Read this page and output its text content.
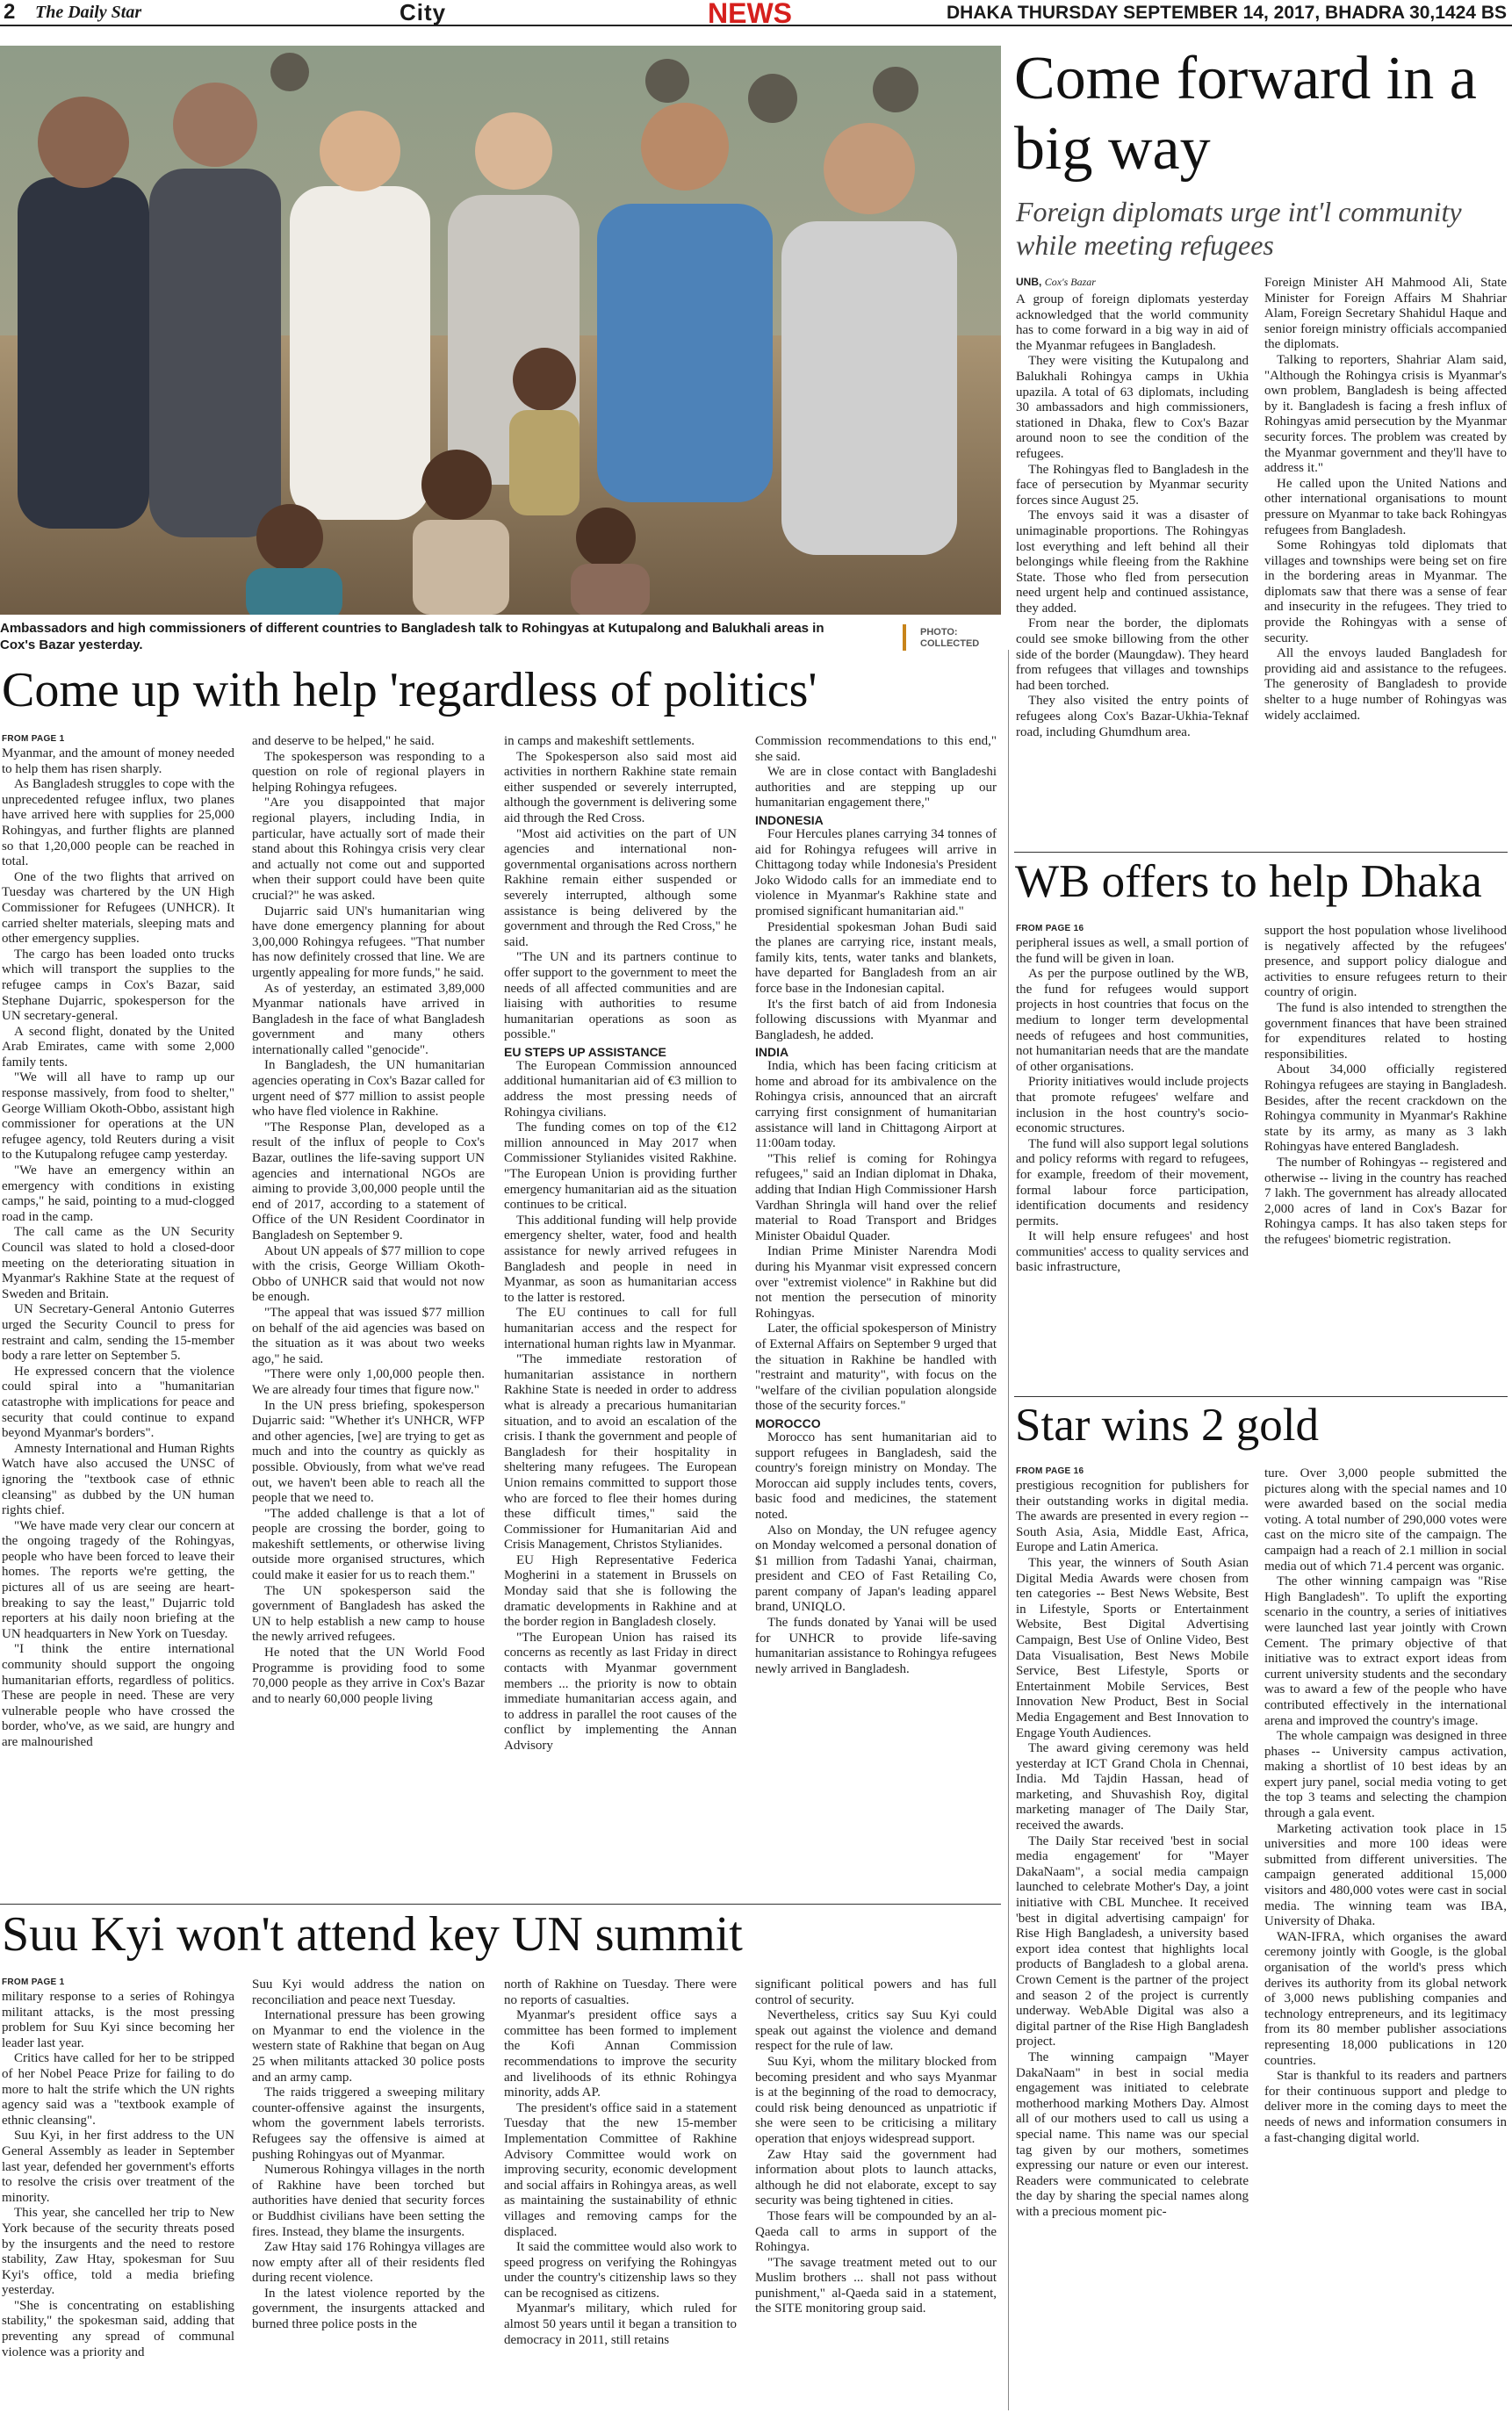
2 The Daily Star	City	NEWS	DHAKA THURSDAY SEPTEMBER 14, 2017, BHADRA 30,1424 BS
Ambassadors and high commissioners of different countries to Bangladesh talk to Rohingyas at Kutupalong and Balukhali areas in Cox's Bazar yesterday.
PHOTO: COLLECTED
Come forward in a big way
Foreign diplomats urge int'l community while meeting refugees

UNB, Cox's Bazar

A group of foreign diplomats yesterday acknowledged that the world community has to come forward in a big way in aid of the Myanmar refugees in Bangladesh.

They were visiting the Kutupalong and Balukhali Rohingya camps in Ukhia upazila. A total of 63 diplomats, including 30 ambassadors and high commissioners, stationed in Dhaka, flew to Cox's Bazar around noon to see the condition of the refugees.

The Rohingyas fled to Bangladesh in the face of persecution by Myanmar security forces since August 25.

The envoys said it was a disaster of unimaginable proportions. The Rohingyas lost everything and left behind all their belongings while fleeing from the Rakhine State. Those who fled from persecution need urgent help and continued assistance, they added.

From near the border, the diplomats could see smoke billowing from the other side of the border (Maungdaw). They heard from refugees that villages and townships had been torched.

They also visited the entry points of refugees along Cox's Bazar-Ukhia-Teknaf road, including Ghumdhum area.

Foreign Minister AH Mahmood Ali, State Minister for Foreign Affairs M Shahriar Alam, Foreign Secretary Shahidul Haque and senior foreign ministry officials accompanied the diplomats.

Talking to reporters, Shahriar Alam said, "Although the Rohingya crisis is Myanmar's own problem, Bangladesh is being affected by it. Bangladesh is facing a fresh influx of Rohingyas amid persecution by the Myanmar security forces. The problem was created by the Myanmar government and they'll have to address it."

He called upon the United Nations and other international organisations to mount pressure on Myanmar to take back Rohingyas refugees from Bangladesh.

Some Rohingyas told diplomats that villages and townships were being set on fire in the bordering areas in Myanmar. The diplomats saw that there was a sense of fear and insecurity in the refugees. They tried to provide the Rohingyas with a sense of security.

All the envoys lauded Bangladesh for providing aid and assistance to the refugees. The generosity of Bangladesh to provide shelter to a huge number of Rohingyas was widely acclaimed.

Come up with help 'regardless of politics'

FROM PAGE 1

Myanmar, and the amount of money needed to help them has risen sharply.

As Bangladesh struggles to cope with the unprecedented refugee influx, two planes have arrived here with supplies for 25,000 Rohingyas, and further flights are planned so that 1,20,000 people can be reached in total.

One of the two flights that arrived on Tuesday was chartered by the UN High Commissioner for Refugees (UNHCR). It carried shelter materials, sleeping mats and other emergency supplies.

The cargo has been loaded onto trucks which will transport the supplies to the refugee camps in Cox's Bazar, said Stephane Dujarric, spokesperson for the UN secretary-general.

A second flight, donated by the United Arab Emirates, came with some 2,000 family tents.

"We will all have to ramp up our response massively, from food to shelter," George William Okoth-Obbo, assistant high commissioner for operations at the UN refugee agency, told Reuters during a visit to the Kutupalong refugee camp yesterday.

"We have an emergency within an emergency with conditions in existing camps," he said, pointing to a mud-clogged road in the camp.

The call came as the UN Security Council was slated to hold a closed-door meeting on the deteriorating situation in Myanmar's Rakhine State at the request of Sweden and Britain.

UN Secretary-General Antonio Guterres urged the Security Council to press for restraint and calm, sending the 15-member body a rare letter on September 5.

He expressed concern that the violence could spiral into a "humanitarian catastrophe with implications for peace and security that could continue to expand beyond Myanmar's borders".

Amnesty International and Human Rights Watch have also accused the UNSC of ignoring the "textbook case of ethnic cleansing" as dubbed by the UN human rights chief.

"We have made very clear our concern at the ongoing tragedy of the Rohingyas, people who have been forced to leave their homes. The reports we're getting, the pictures all of us are seeing are heart-breaking to say the least," Dujarric told reporters at his daily noon briefing at the UN headquarters in New York on Tuesday.

"I think the entire international community should support the ongoing humanitarian efforts, regardless of politics. These are people in need. These are very vulnerable people who have crossed the border, who've, as we said, are hungry and are malnourished

and deserve to be helped," he said.

The spokesperson was responding to a question on role of regional players in helping Rohingya refugees.

"Are you disappointed that major regional players, including India, in particular, have actually sort of made their stand about this Rohingya crisis very clear and actually not come out and supported when their support could have been quite crucial?" he was asked.

Dujarric said UN's humanitarian wing have done emergency planning for about 3,00,000 Rohingya refugees. "That number has now definitely crossed that line. We are urgently appealing for more funds," he said.

As of yesterday, an estimated 3,89,000 Myanmar nationals have arrived in Bangladesh in the face of what Bangladesh government and many others internationally called "genocide".

In Bangladesh, the UN humanitarian agencies operating in Cox's Bazar called for urgent need of $77 million to assist people who have fled violence in Rakhine.

"The Response Plan, developed as a result of the influx of people to Cox's Bazar, outlines the life-saving support UN agencies and international NGOs are aiming to provide 3,00,000 people until the end of 2017, according to a statement of Office of the UN Resident Coordinator in Bangladesh on September 9.

About UN appeals of $77 million to cope with the crisis, George William Okoth-Obbo of UNHCR said that would not now be enough.

"The appeal that was issued $77 million on behalf of the aid agencies was based on the situation as it was about two weeks ago," he said.

"There were only 1,00,000 people then. We are already four times that figure now."

In the UN press briefing, spokesperson Dujarric said: "Whether it's UNHCR, WFP and other agencies, [we] are trying to get as much and into the country as quickly as possible. Obviously, from what we've read out, we haven't been able to reach all the people that we need to.

"The added challenge is that a lot of people are crossing the border, going to makeshift settlements, or otherwise living outside more organised structures, which could make it easier for us to reach them."

The UN spokesperson said the government of Bangladesh has asked the UN to help establish a new camp to house the newly arrived refugees.

He noted that the UN World Food Programme is providing food to some 70,000 people as they arrive in Cox's Bazar and to nearly 60,000 people living

in camps and makeshift settlements.

The Spokesperson also said most aid activities in northern Rakhine state remain either suspended or severely interrupted, although the government is delivering some aid through the Red Cross.

"Most aid activities on the part of UN agencies and international non-governmental organisations across northern Rakhine remain either suspended or severely interrupted, although some assistance is being delivered by the government and through the Red Cross," he said.

"The UN and its partners continue to offer support to the government to meet the needs of all affected communities and are liaising with authorities to resume humanitarian operations as soon as possible."

EU STEPS UP ASSISTANCE

The European Commission announced additional humanitarian aid of €3 million to address the most pressing needs of Rohingya civilians.

The funding comes on top of the €12 million announced in May 2017 when Commissioner Stylianides visited Rakhine. "The European Union is providing further emergency humanitarian aid as the situation continues to be critical.

This additional funding will help provide emergency shelter, water, food and health assistance for newly arrived refugees in Bangladesh and people in need in Myanmar, as soon as humanitarian access to the latter is restored.

The EU continues to call for full humanitarian access and the respect for international human rights law in Myanmar.

"The immediate restoration of humanitarian assistance in northern Rakhine State is needed in order to address what is already a precarious humanitarian situation, and to avoid an escalation of the crisis. I thank the government and people of Bangladesh for their hospitality in sheltering many refugees. The European Union remains committed to support those who are forced to flee their homes during these difficult times," said the Commissioner for Humanitarian Aid and Crisis Management, Christos Stylianides.

EU High Representative Federica Mogherini in a statement in Brussels on Monday said that she is following the dramatic developments in Rakhine and at the border region in Bangladesh closely.

"The European Union has raised its concerns as recently as last Friday in direct contacts with Myanmar government members ... the priority is now to obtain immediate humanitarian access again, and to address in parallel the root causes of the conflict by implementing the Annan Advisory

Commission recommendations to this end," she said.

We are in close contact with Bangladeshi authorities and are stepping up our humanitarian engagement there,"

INDONESIA

Four Hercules planes carrying 34 tonnes of aid for Rohingya refugees will arrive in Chittagong today while Indonesia's President Joko Widodo calls for an immediate end to violence in Myanmar's Rakhine state and promised significant humanitarian aid."

Presidential spokesman Johan Budi said the planes are carrying rice, instant meals, family kits, tents, water tanks and blankets, have departed for Bangladesh from an air force base in the Indonesian capital.

It's the first batch of aid from Indonesia following discussions with Myanmar and Bangladesh, he added.

INDIA

India, which has been facing criticism at home and abroad for its ambivalence on the Rohingya crisis, announced that an aircraft carrying first consignment of humanitarian assistance will land in Chittagong Airport at 11:00am today.

"This relief is coming for Rohingya refugees," said an Indian diplomat in Dhaka, adding that Indian High Commissioner Harsh Vardhan Shringla will hand over the relief material to Road Transport and Bridges Minister Obaidul Quader.

Indian Prime Minister Narendra Modi during his Myanmar visit expressed concern over "extremist violence" in Rakhine but did not mention the persecution of minority Rohingyas.

Later, the official spokesperson of Ministry of External Affairs on September 9 urged that the situation in Rakhine be handled with "restraint and maturity", with focus on the "welfare of the civilian population alongside those of the security forces."

MOROCCO

Morocco has sent humanitarian aid to support refugees in Bangladesh, said the country's foreign ministry on Monday. The Moroccan aid supply includes tents, covers, basic food and medicines, the statement noted.

Also on Monday, the UN refugee agency on Monday welcomed a personal donation of $1 million from Tadashi Yanai, chairman, president and CEO of Fast Retailing Co, parent company of Japan's leading apparel brand, UNIQLO.

The funds donated by Yanai will be used for UNHCR to provide life-saving humanitarian assistance to Rohingya refugees newly arrived in Bangladesh.

WB offers to help Dhaka

FROM PAGE 16

peripheral issues as well, a small portion of the fund will be given in loan.

As per the purpose outlined by the WB, the fund for refugees would support projects in host countries that focus on the medium to longer term developmental needs of refugees and host communities, not humanitarian needs that are the mandate of other organisations.

Priority initiatives would include projects that promote refugees' welfare and inclusion in the host country's socio-economic structures.

The fund will also support legal solutions and policy reforms with regard to refugees, for example, freedom of their movement, formal labour force participation, identification documents and residency permits.

It will help ensure refugees' and host communities' access to quality services and basic infrastructure,

support the host population whose livelihood is negatively affected by the refugees' presence, and support policy dialogue and activities to ensure refugees return to their country of origin.

The fund is also intended to strengthen the government finances that have been strained for expenditures related to hosting responsibilities.

About 34,000 officially registered Rohingya refugees are staying in Bangladesh. Besides, after the recent crackdown on the Rohingya community in Myanmar's Rakhine state by its army, as many as 3 lakh Rohingyas have entered Bangladesh.

The number of Rohingyas -- registered and otherwise -- living in the country has reached 7 lakh. The government has already allocated 2,000 acres of land in Cox's Bazar for Rohingya camps. It has also taken steps for the refugees' biometric registration.

Star wins 2 gold

FROM PAGE 16

prestigious recognition for publishers for their outstanding works in digital media. The awards are presented in every region -- South Asia, Asia, Middle East, Africa, Europe and Latin America.

This year, the winners of South Asian Digital Media Awards were chosen from ten categories -- Best News Website, Best in Lifestyle, Sports or Entertainment Website, Best Digital Advertising Campaign, Best Use of Online Video, Best Data Visualisation, Best News Mobile Service, Best Lifestyle, Sports or Entertainment Mobile Services, Best Innovation New Product, Best in Social Media Engagement and Best Innovation to Engage Youth Audiences.

The award giving ceremony was held yesterday at ICT Grand Chola in Chennai, India. Md Tajdin Hassan, head of marketing, and Shuvashish Roy, digital marketing manager of The Daily Star, received the awards.

The Daily Star received 'best in social media engagement' for "Mayer DakaNaam", a social media campaign launched to celebrate Mother's Day, a joint initiative with CBL Munchee. It received 'best in digital advertising campaign' for Rise High Bangladesh, a university based export idea contest that highlights local products of Bangladesh to a global arena. Crown Cement is the partner of the project and season 2 of the project is currently underway. WebAble Digital was also a digital partner of the Rise High Bangladesh project.

The winning campaign "Mayer DakaNaam" in best in social media engagement was initiated to celebrate motherhood marking Mothers Day. Almost all of our mothers used to call us using a special name. This name was our special tag given by our mothers, sometimes expressing our nature or even our interest. Readers were communicated to celebrate the day by sharing the special names along with a precious moment pic-

ture. Over 3,000 people submitted the pictures along with the special names and 10 were awarded based on the social media voting. A total number of 290,000 votes were cast on the micro site of the campaign. The campaign had a reach of 2.1 million in social media out of which 71.4 percent was organic.

The other winning campaign was "Rise High Bangladesh". To uplift the exporting scenario in the country, a series of initiatives were launched last year jointly with Crown Cement. The primary objective of that initiative was to extract export ideas from current university students and the secondary was to award a few of the people who have contributed effectively in the international arena and improved the country's image.

The whole campaign was designed in three phases -- University campus activation, making a shortlist of 10 best ideas by an expert jury panel, social media voting to get the top 3 teams and selecting the champion through a gala event.

Marketing activation took place in 15 universities and more 100 ideas were submitted from different universities. The campaign generated additional 15,000 visitors and 480,000 votes were cast in social media. The winning team was IBA, University of Dhaka.

WAN-IFRA, which organises the award ceremony jointly with Google, is the global organisation of the world's press which derives its authority from its global network of 3,000 news publishing companies and technology entrepreneurs, and its legitimacy from its 80 member publisher associations representing 18,000 publications in 120 countries.

Star is thankful to its readers and partners for their continuous support and pledge to deliver more in the coming days to meet the needs of news and information consumers in a fast-changing digital world.

Suu Kyi won't attend key UN summit

FROM PAGE 1

military response to a series of Rohingya militant attacks, is the most pressing problem for Suu Kyi since becoming her leader last year.

Critics have called for her to be stripped of her Nobel Peace Prize for failing to do more to halt the strife which the UN rights agency said was a "textbook example of ethnic cleansing".

Suu Kyi, in her first address to the UN General Assembly as leader in September last year, defended her government's efforts to resolve the crisis over treatment of the minority.

This year, she cancelled her trip to New York because of the security threats posed by the insurgents and the need to restore stability, Zaw Htay, spokesman for Suu Kyi's office, told a media briefing yesterday.

"She is concentrating on establishing stability," the spokesman said, adding that preventing any spread of communal violence was a priority and

Suu Kyi would address the nation on reconciliation and peace next Tuesday.

International pressure has been growing on Myanmar to end the violence in the western state of Rakhine that began on Aug 25 when militants attacked 30 police posts and an army camp.

The raids triggered a sweeping military counter-offensive against the insurgents, whom the government labels terrorists. Refugees say the offensive is aimed at pushing Rohingyas out of Myanmar.

Numerous Rohingya villages in the north of Rakhine have been torched but authorities have denied that security forces or Buddhist civilians have been setting the fires. Instead, they blame the insurgents.

Zaw Htay said 176 Rohingya villages are now empty after all of their residents fled during recent violence.

In the latest violence reported by the government, the insurgents attacked and burned three police posts in the

north of Rakhine on Tuesday. There were no reports of casualties.

Myanmar's president office says a committee has been formed to implement the Kofi Annan Commission recommendations to improve the security and livelihoods of its ethnic Rohingya minority, adds AP.

The president's office said in a statement Tuesday that the new 15-member Implementation Committee of Rakhine Advisory Committee would work on improving security, economic development and social affairs in Rohingya areas, as well as maintaining the sustainability of ethnic villages and removing camps for the displaced.

It said the committee would also work to speed progress on verifying the Rohingyas under the country's citizenship laws so they can be recognised as citizens.

Myanmar's military, which ruled for almost 50 years until it began a transition to democracy in 2011, still retains

significant political powers and has full control of security.

Nevertheless, critics say Suu Kyi could speak out against the violence and demand respect for the rule of law.

Suu Kyi, whom the military blocked from becoming president and who says Myanmar is at the beginning of the road to democracy, could risk being denounced as unpatriotic if she were seen to be criticising a military operation that enjoys widespread support.

Zaw Htay said the government had information about plots to launch attacks, although he did not elaborate, except to say security was being tightened in cities.

Those fears will be compounded by an al-Qaeda call to arms in support of the Rohingya.

"The savage treatment meted out to our Muslim brothers ... shall not pass without punishment," al-Qaeda said in a statement, the SITE monitoring group said.
